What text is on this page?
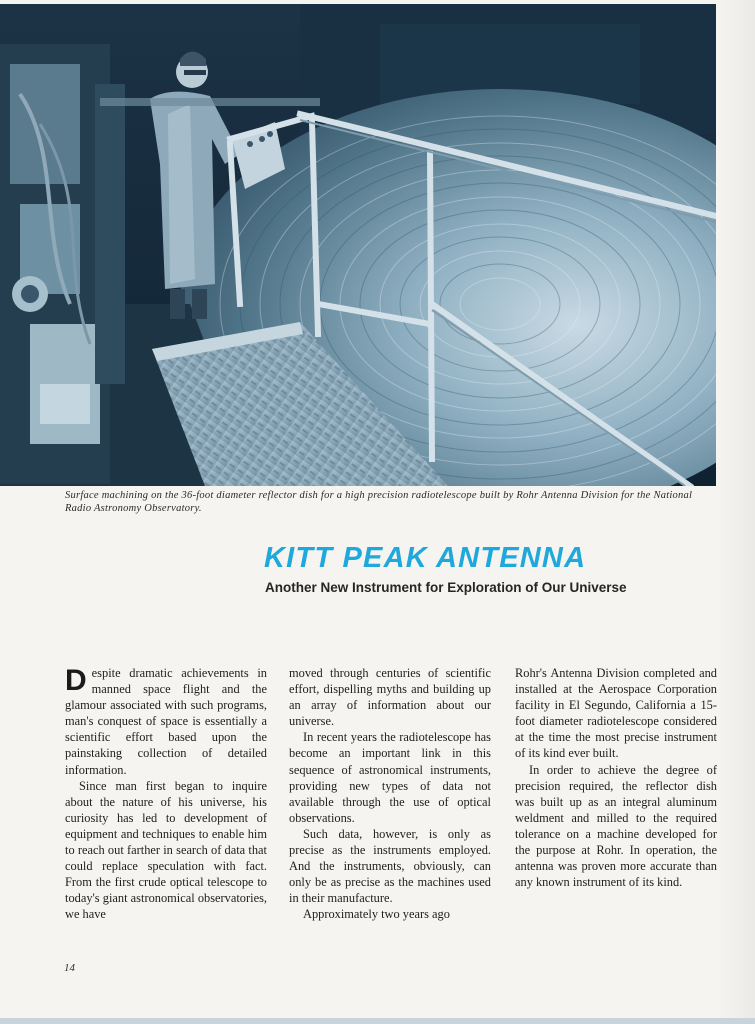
Surface machining on the 36-foot diameter reflector dish for a high precision radiotelescope built by Rohr Antenna Division for the National Radio Astronomy Observatory.
KITT PEAK ANTENNA
Another New Instrument for Exploration of Our Universe

Despite dramatic achievements in manned space flight and the glamour associated with such programs, man's conquest of space is essentially a scientific effort based upon the painstaking collection of detailed information.

Since man first began to inquire about the nature of his universe, his curiosity has led to development of equipment and techniques to enable him to reach out farther in search of data that could replace speculation with fact. From the first crude optical telescope to today's giant astronomical observatories, we have

moved through centuries of scientific effort, dispelling myths and building up an array of information about our universe.

In recent years the radiotelescope has become an important link in this sequence of astronomical instruments, providing new types of data not available through the use of optical observations.

Such data, however, is only as precise as the instruments employed. And the instruments, obviously, can only be as precise as the machines used in their manufacture.

Approximately two years ago

Rohr's Antenna Division completed and installed at the Aerospace Corporation facility in El Segundo, California a 15-foot diameter radiotelescope considered at the time the most precise instrument of its kind ever built.

In order to achieve the degree of precision required, the reflector dish was built up as an integral aluminum weldment and milled to the required tolerance on a machine developed for the purpose at Rohr. In operation, the antenna was proven more accurate than any known instrument of its kind.

14
